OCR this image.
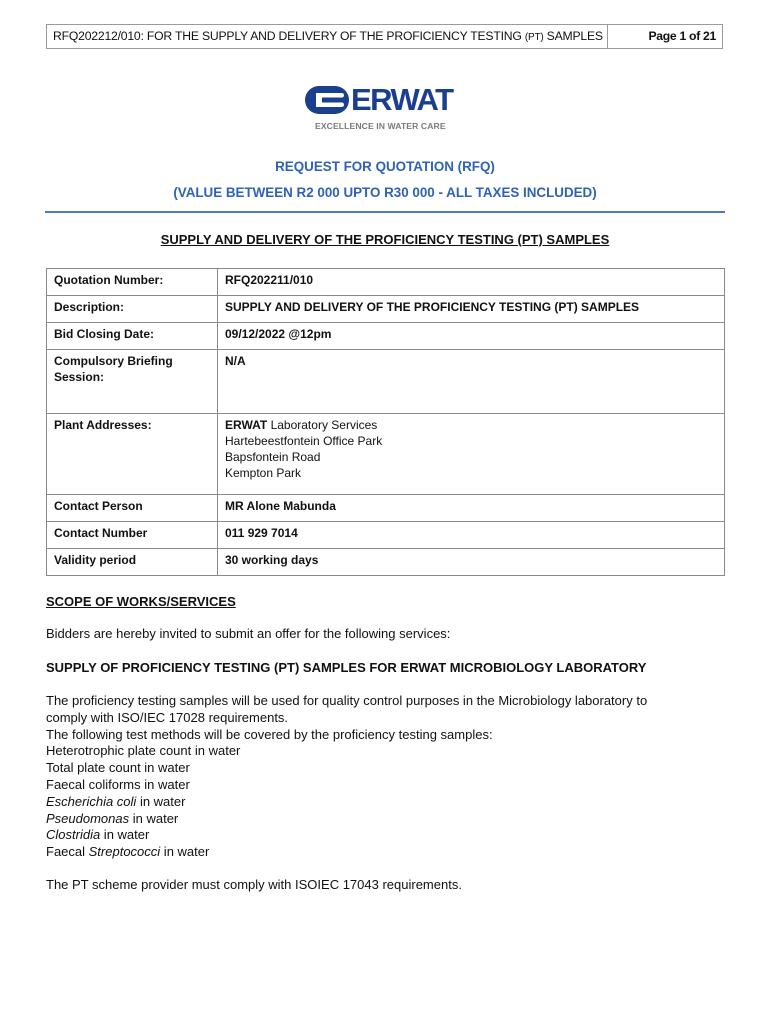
RFQ202212/010: FOR THE SUPPLY AND DELIVERY OF THE PROFICIENCY TESTING (PT) SAMPLES	Page 1 of 21
ERWAT
EXCELLENCE IN WATER CARE
REQUEST FOR QUOTATION (RFQ)
(VALUE BETWEEN R2 000 UPTO R30 000 - ALL TAXES INCLUDED)
SUPPLY AND DELIVERY OF THE PROFICIENCY TESTING (PT) SAMPLES
Quotation Number:	RFQ202211/010
Description:	SUPPLY AND DELIVERY OF THE PROFICIENCY TESTING (PT) SAMPLES
Bid Closing Date:	09/12/2022 @12pm

Compulsory Briefing
Session:	N/A
Plant Addresses:	ERWAT Laboratory Services
Hartebeestfontein Office Park
Bapsfontein Road
Kempton Park

Contact Person	MR Alone Mabunda
Contact Number	011 929 7014
Validity period	30 working days
SCOPE OF WORKS/SERVICES
Bidders are hereby invited to submit an offer for the following services:
SUPPLY OF PROFICIENCY TESTING (PT) SAMPLES FOR ERWAT MICROBIOLOGY LABORATORY
The proficiency testing samples will be used for quality control purposes in the Microbiology laboratory to
comply with ISO/IEC 17028 requirements.
The following test methods will be covered by the proficiency testing samples:
Heterotrophic plate count in water
Total plate count in water
Faecal coliforms in water
Escherichia coli in water
Pseudomonas in water
Clostridia in water
Faecal Streptococci in water
The PT scheme provider must comply with ISOIEC 17043 requirements.
